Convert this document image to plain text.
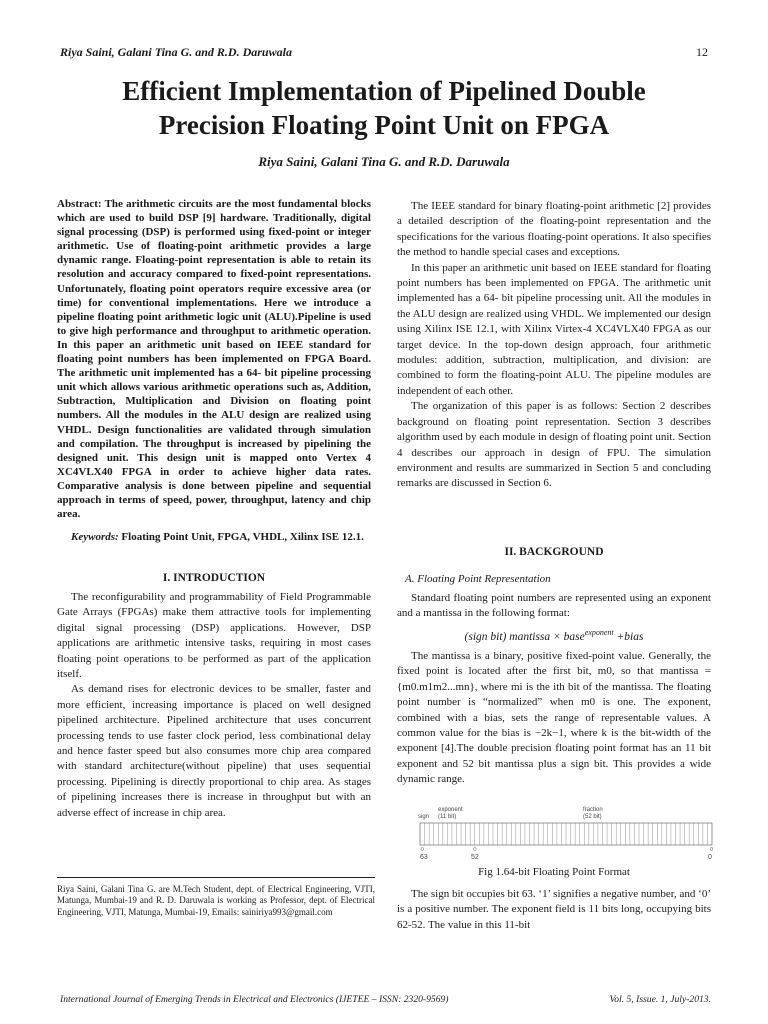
Riya Saini, Galani Tina G. and R.D. Daruwala	12
Efficient Implementation of Pipelined Double
Precision Floating Point Unit on FPGA
Riya Saini, Galani Tina G. and R.D. Daruwala
Abstract: The arithmetic circuits are the most fundamental blocks which are used to build DSP [9] hardware. Traditionally, digital signal processing (DSP) is performed using fixed-point or integer arithmetic. Use of floating-point arithmetic provides a large dynamic range. Floating-point representation is able to retain its resolution and accuracy compared to fixed-point representations. Unfortunately, floating point operators require excessive area (or time) for conventional implementations. Here we introduce a pipeline floating point arithmetic logic unit (ALU).Pipeline is used to give high performance and throughput to arithmetic operation. In this paper an arithmetic unit based on IEEE standard for floating point numbers has been implemented on FPGA Board. The arithmetic unit implemented has a 64- bit pipeline processing unit which allows various arithmetic operations such as, Addition, Subtraction, Multiplication and Division on floating point numbers. All the modules in the ALU design are realized using VHDL. Design functionalities are validated through simulation and compilation. The throughput is increased by pipelining the designed unit. This design unit is mapped onto Vertex 4 XC4VLX40 FPGA in order to achieve higher data rates. Comparative analysis is done between pipeline and sequential approach in terms of speed, power, throughput, latency and chip area.

Keywords: Floating Point Unit, FPGA, VHDL, Xilinx ISE 12.1.

I. INTRODUCTION

The reconfigurability and programmability of Field Programmable Gate Arrays (FPGAs) make them attractive tools for implementing digital signal processing (DSP) applications. However, DSP applications are arithmetic intensive tasks, requiring in most cases floating point operations to be performed as part of the application itself.

As demand rises for electronic devices to be smaller, faster and more efficient, increasing importance is placed on well designed pipelined architecture. Pipelined architecture that uses concurrent processing tends to use faster clock period, less combinational delay and hence faster speed but also consumes more chip area compared with standard architecture(without pipeline) that uses sequential processing. Pipelining is directly proportional to chip area. As stages of pipelining increases there is increase in throughput but with an adverse effect of increase in chip area.

Riya Saini, Galani Tina G. are M.Tech Student, dept. of Electrical Engineering, VJTI, Matunga, Mumbai-19 and R. D. Daruwala is working as Professor, dept. of Electrical Engineering, VJTI, Matunga, Mumbai-19, Emails: sainiriya993@gmail.com

The IEEE standard for binary floating-point arithmetic [2] provides a detailed description of the floating-point representation and the specifications for the various floating-point operations. It also specifies the method to handle special cases and exceptions.

In this paper an arithmetic unit based on IEEE standard for floating point numbers has been implemented on FPGA. The arithmetic unit implemented has a 64- bit pipeline processing unit. All the modules in the ALU design are realized using VHDL. We implemented our design using Xilinx ISE 12.1, with Xilinx Virtex-4 XC4VLX40 FPGA as our target device. In the top-down design approach, four arithmetic modules: addition, subtraction, multiplication, and division: are combined to form the floating-point ALU. The pipeline modules are independent of each other.

The organization of this paper is as follows: Section 2 describes background on floating point representation. Section 3 describes algorithm used by each module in design of floating point unit. Section 4 describes our approach in design of FPU. The simulation environment and results are summarized in Section 5 and concluding remarks are discussed in Section 6.

II. BACKGROUND
A. Floating Point Representation

Standard floating point numbers are represented using an exponent and a mantissa in the following format:

(sign bit) mantissa × base$^{exponent}$ +bias

The mantissa is a binary, positive fixed-point value. Generally, the fixed point is located after the first bit, m0, so that mantissa = {m0.m1m2...mn}, where mi is the ith bit of the mantissa. The floating point number is “normalized” when m0 is one. The exponent, combined with a bias, sets the range of representable values. A common value for the bias is −2k−1, where k is the bit-width of the exponent [4].The double precision floating point format has an 11 bit exponent and 52 bit mantissa plus a sign bit. This provides a wide dynamic range.

sign
exponent
(11 bit)
fraction
(52 bit)
63	52	0
Fig 1.64-bit Floating Point Format

The sign bit occupies bit 63. ‘1’ signifies a negative number, and ‘0’ is a positive number. The exponent field is 11 bits long, occupying bits 62-52. The value in this 11-bit

International Journal of Emerging Trends in Electrical and Electronics (IJETEE – ISSN: 2320-9569)	Vol. 5, Issue. 1, July-2013.
